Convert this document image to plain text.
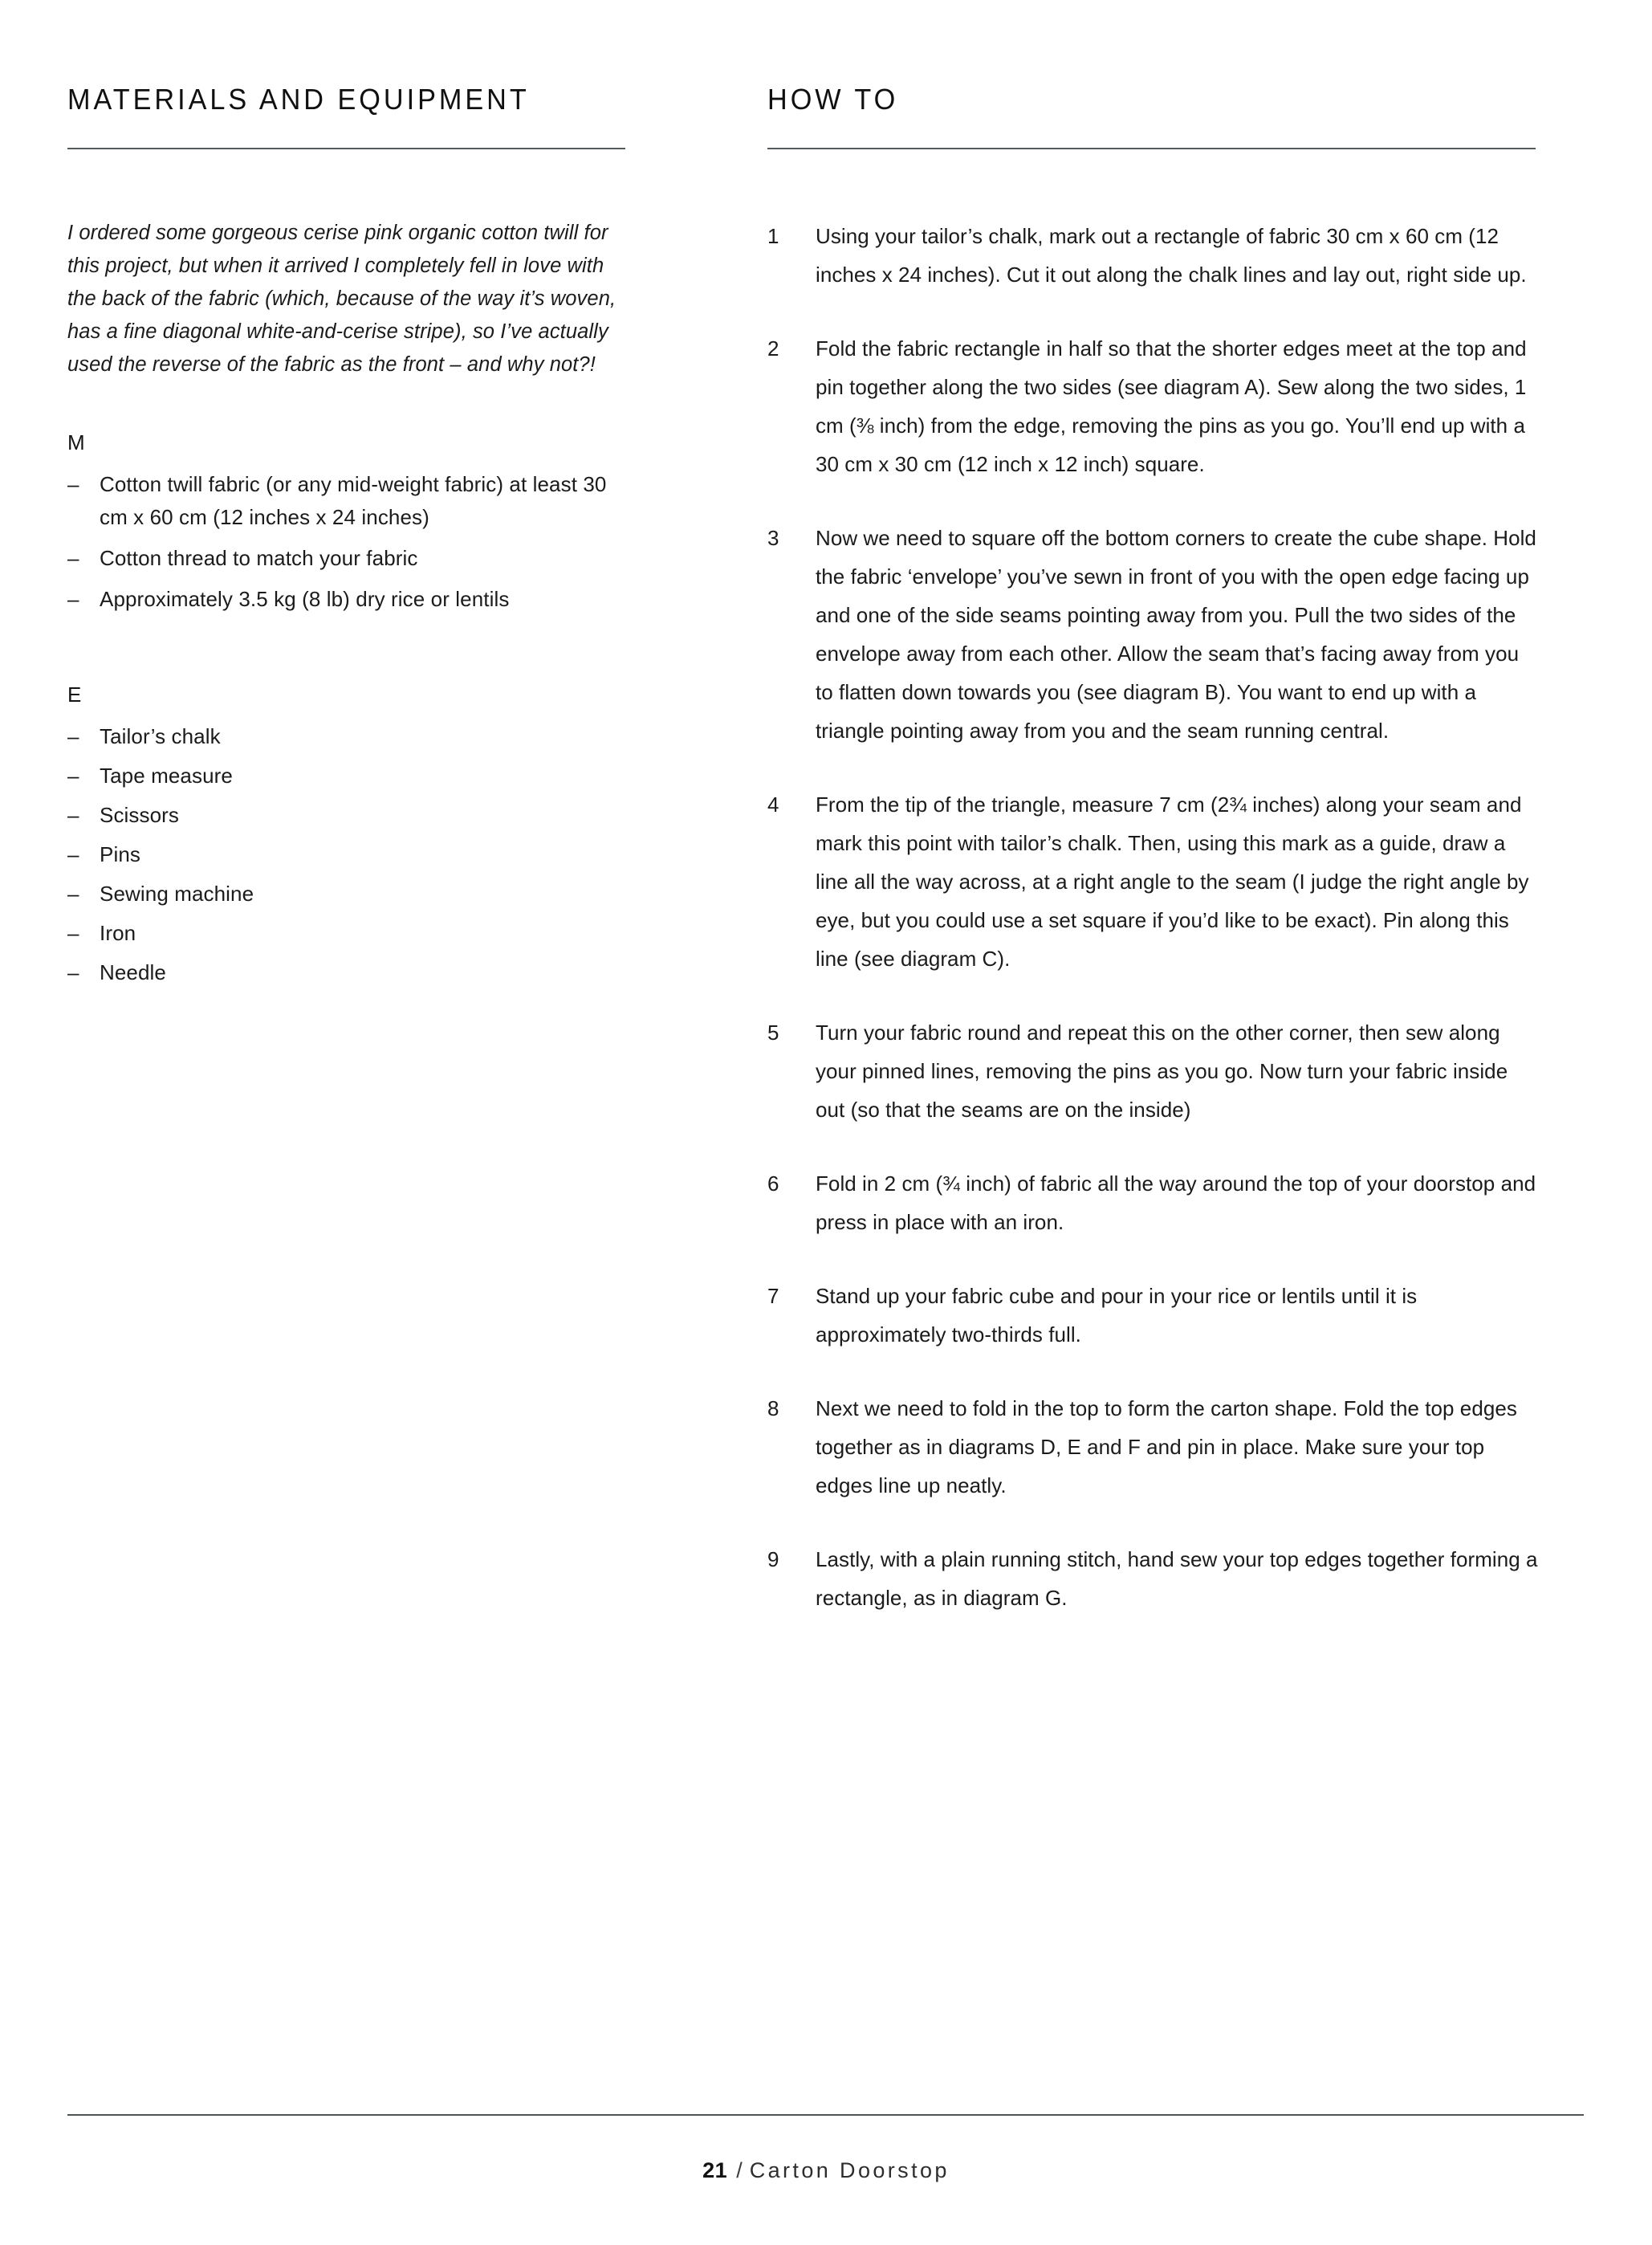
MATERIALS AND EQUIPMENT

I ordered some gorgeous cerise pink organic cotton twill for this project, but when it arrived I completely fell in love with the back of the fabric (which, because of the way it’s woven, has a fine diagonal white-and-cerise stripe), so I’ve actually used the reverse of the fabric as the front – and why not?!

M

– Cotton twill fabric (or any mid-weight fabric) at least 30 cm x 60 cm (12 inches x 24 inches)
– Cotton thread to match your fabric
– Approximately 3.5 kg (8 lb) dry rice or lentils

E

– Tailor’s chalk
– Tape measure
– Scissors
– Pins
– Sewing machine
– Iron
– Needle
HOW TO
1 Using your tailor’s chalk, mark out a rectangle of fabric 30 cm x 60 cm (12 inches x 24 inches). Cut it out along the chalk lines and lay out, right side up.
2 Fold the fabric rectangle in half so that the shorter edges meet at the top and pin together along the two sides (see diagram A). Sew along the two sides, 1 cm (⅜ inch) from the edge, removing the pins as you go. You’ll end up with a 30 cm x 30 cm (12 inch x 12 inch) square.
3 Now we need to square off the bottom corners to create the cube shape. Hold the fabric ‘envelope’ you’ve sewn in front of you with the open edge facing up and one of the side seams pointing away from you. Pull the two sides of the envelope away from each other. Allow the seam that’s facing away from you to flatten down towards you (see diagram B). You want to end up with a triangle pointing away from you and the seam running central.
4 From the tip of the triangle, measure 7 cm (2¾ inches) along your seam and mark this point with tailor’s chalk. Then, using this mark as a guide, draw a line all the way across, at a right angle to the seam (I judge the right angle by eye, but you could use a set square if you’d like to be exact). Pin along this line (see diagram C).
5 Turn your fabric round and repeat this on the other corner, then sew along your pinned lines, removing the pins as you go. Now turn your fabric inside out (so that the seams are on the inside)
6 Fold in 2 cm (¾ inch) of fabric all the way around the top of your doorstop and press in place with an iron.
7 Stand up your fabric cube and pour in your rice or lentils until it is approximately two-thirds full.
8 Next we need to fold in the top to form the carton shape. Fold the top edges together as in diagrams D, E and F and pin in place. Make sure your top edges line up neatly.
9 Lastly, with a plain running stitch, hand sew your top edges together forming a rectangle, as in diagram G.
21 / Carton Doorstop
